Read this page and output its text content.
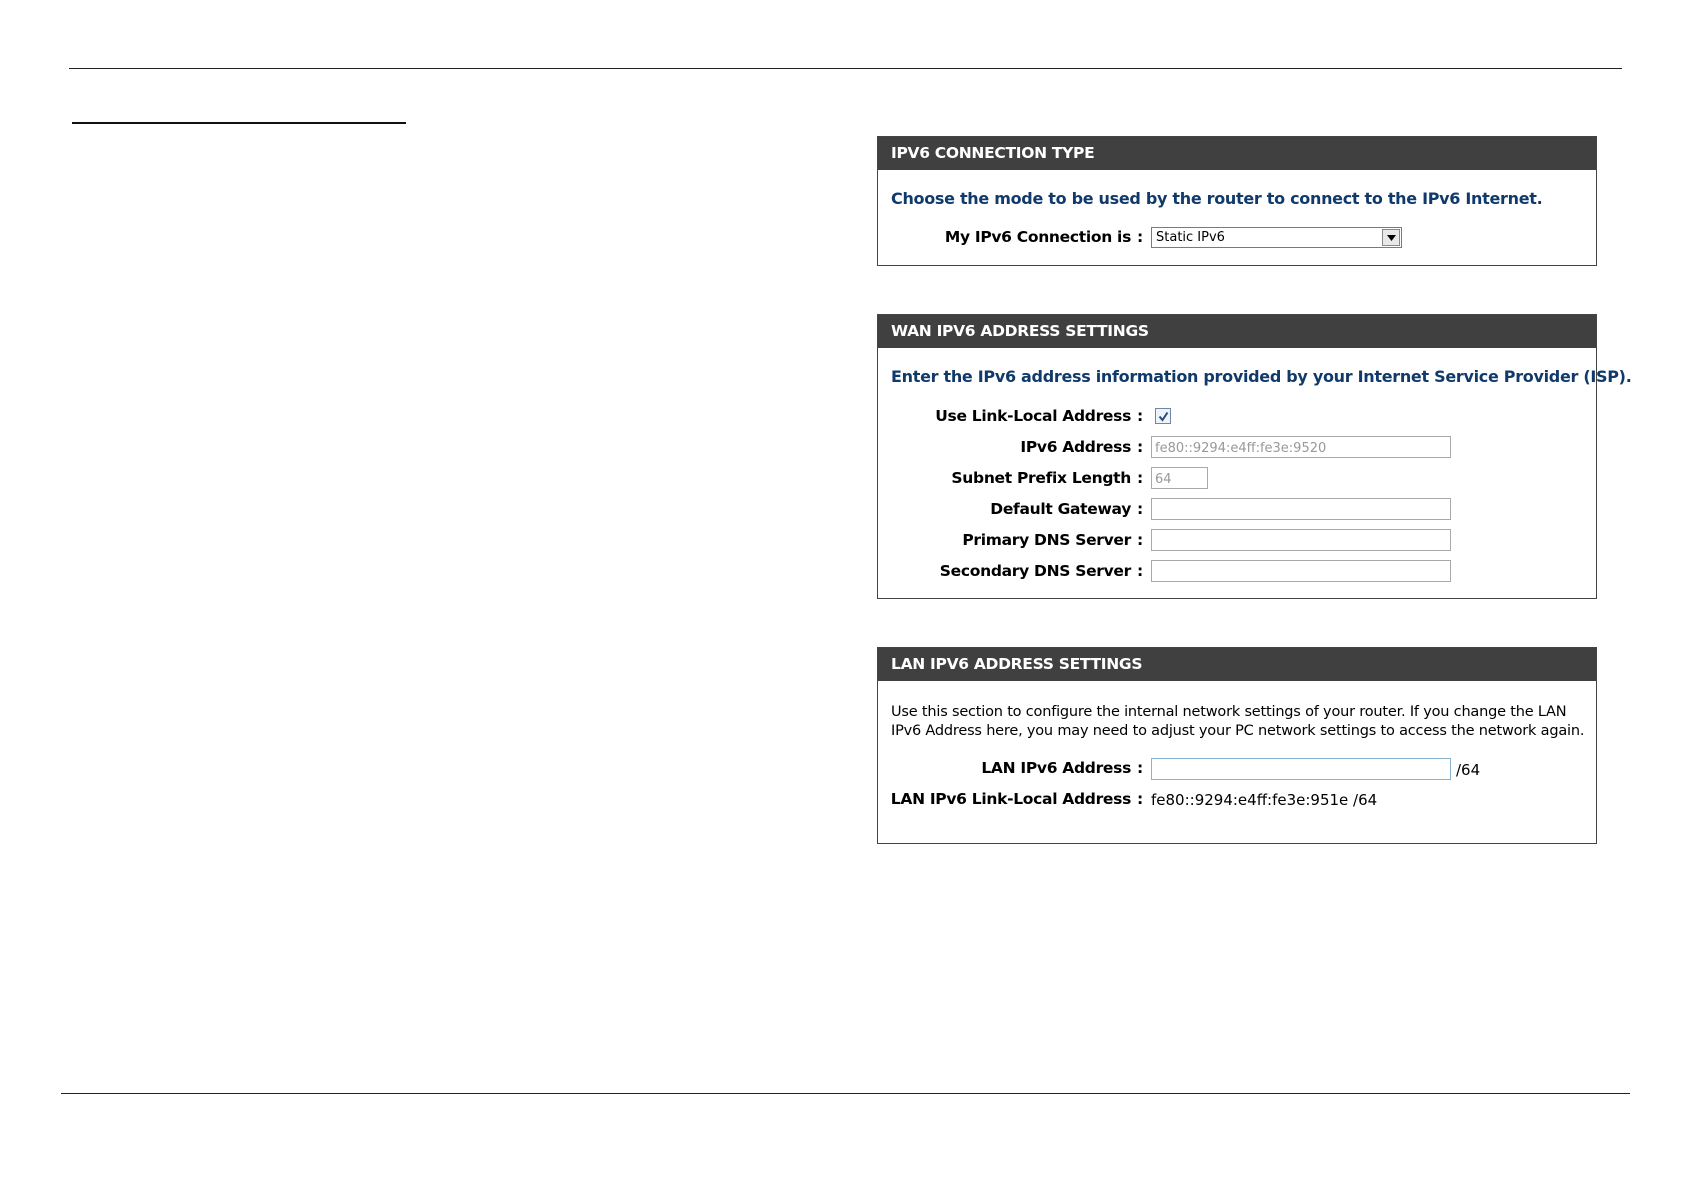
IPV6 CONNECTION TYPE
Choose the mode to be used by the router to connect to the IPv6 Internet.
My IPv6 Connection is : Static IPv6
WAN IPV6 ADDRESS SETTINGS
Enter the IPv6 address information provided by your Internet Service Provider (ISP).
Use Link-Local Address :
IPv6 Address :
fe80::9294:e4ff:fe3e:9520
Subnet Prefix Length :
64
Default Gateway :
Primary DNS Server :
Secondary DNS Server :
LAN IPV6 ADDRESS SETTINGS
Use this section to configure the internal network settings of your router. If you change the LAN
IPv6 Address here, you may need to adjust your PC network settings to access the network again.
LAN IPv6 Address :	/64
LAN IPv6 Link-Local Address : fe80::9294:e4ff:fe3e:951e /64
